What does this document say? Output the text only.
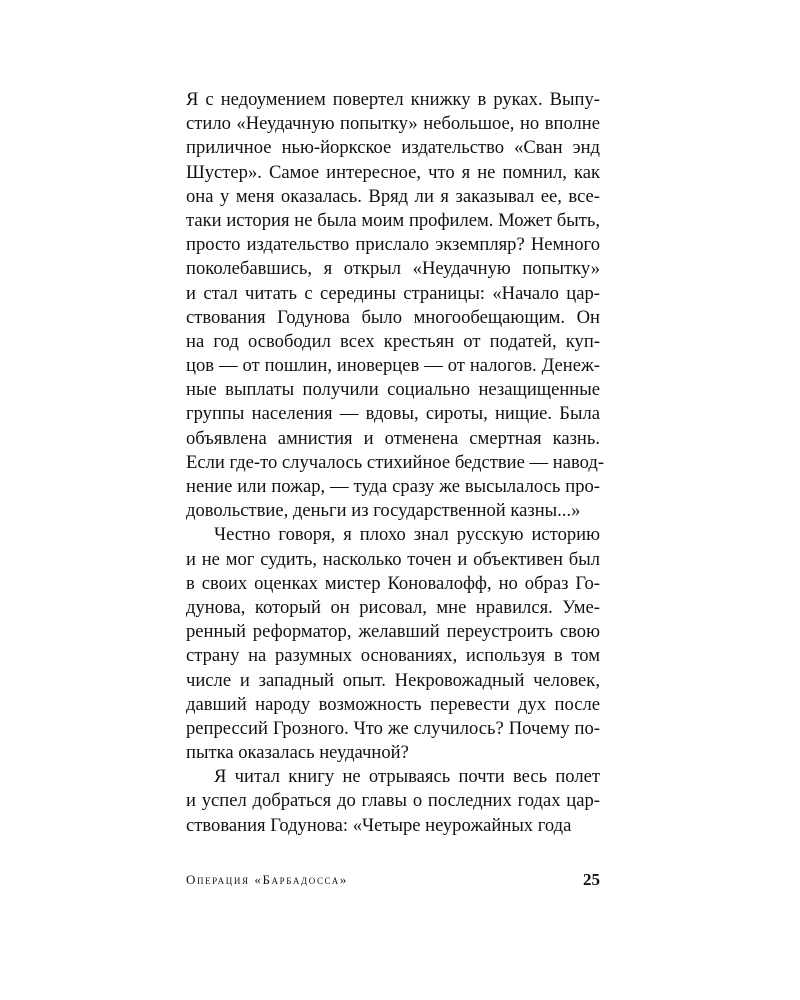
Я с недоумением повертел книжку в руках. Выпу-
стило «Неудачную попытку» небольшое, но вполне
приличное нью-йоркское издательство «Сван энд
Шустер». Самое интересное, что я не помнил, как
она у меня оказалась. Вряд ли я заказывал ее, все-
таки история не была моим профилем. Может быть,
просто издательство прислало экземпляр? Немного
поколебавшись, я открыл «Неудачную попытку»
и стал читать с середины страницы: «Начало цар-
ствования Годунова было многообещающим. Он
на год освободил всех крестьян от податей, куп-
цов — от пошлин, иноверцев — от налогов. Денеж-
ные выплаты получили социально незащищенные
группы населения — вдовы, сироты, нищие. Была
объявлена амнистия и отменена смертная казнь.
Если где-то случалось стихийное бедствие — навод-
нение или пожар, — туда сразу же высылалось про-
довольствие, деньги из государственной казны...»
Честно говоря, я плохо знал русскую историю
и не мог судить, насколько точен и объективен был
в своих оценках мистер Коновалофф, но образ Го-
дунова, который он рисовал, мне нравился. Уме-
ренный реформатор, желавший переустроить свою
страну на разумных основаниях, используя в том
числе и западный опыт. Некровожадный человек,
давший народу возможность перевести дух после
репрессий Грозного. Что же случилось? Почему по-
пытка оказалась неудачной?
Я читал книгу не отрываясь почти весь полет
и успел добраться до главы о последних годах цар-
ствования Годунова: «Четыре неурожайных года
Операция «Барбадосса»	25
